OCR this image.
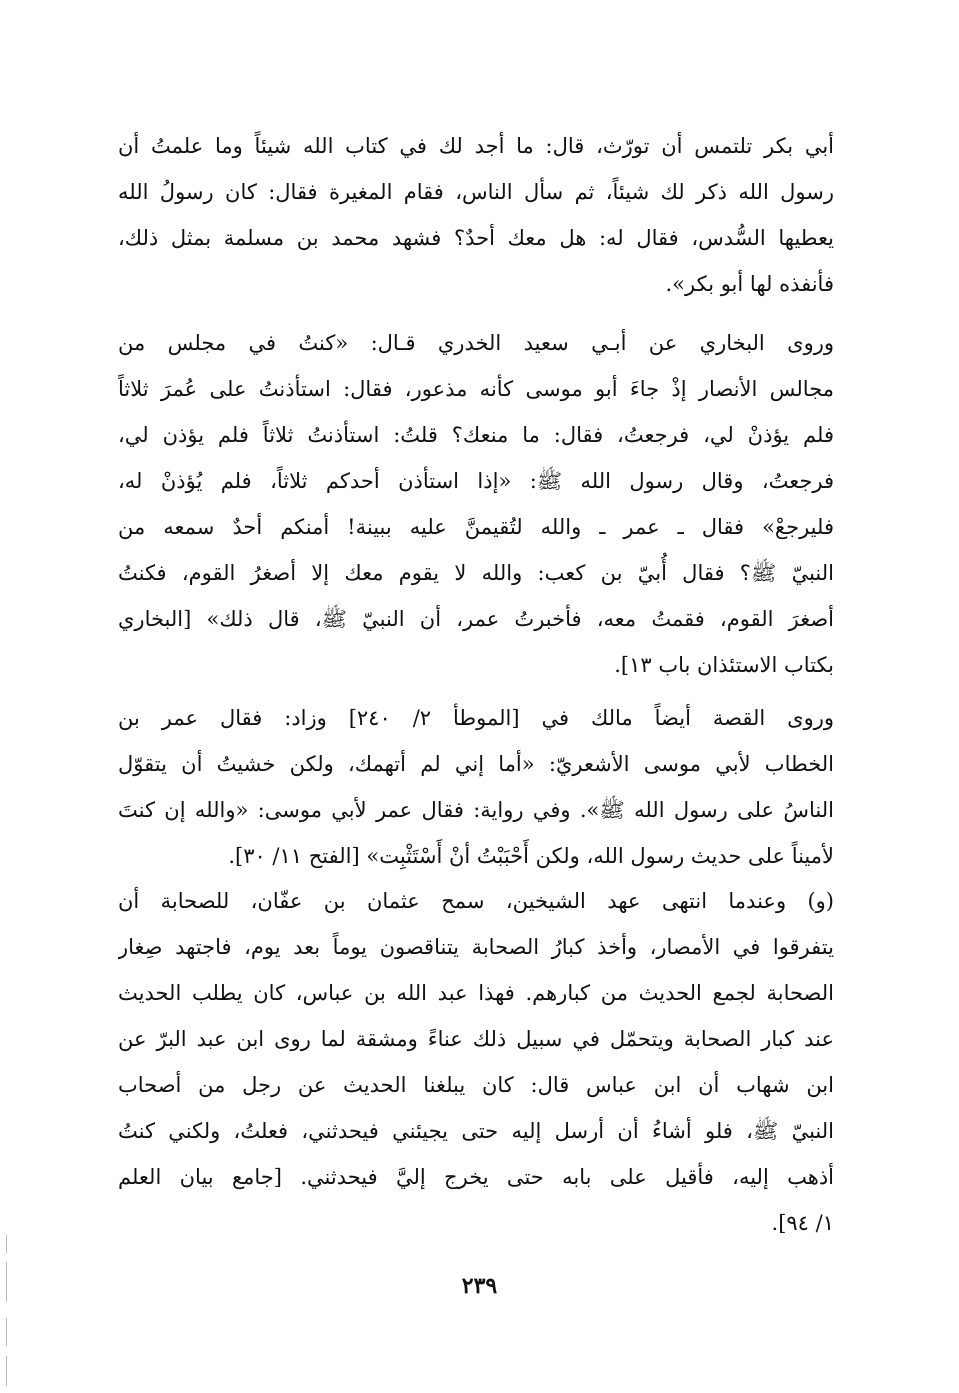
أبي بكر تلتمس أن تورّث، قال: ما أجد لك في كتاب الله شيئاً وما علمتُ أن
رسول الله ذكر لك شيئاً، ثم سأل الناس، فقام المغيرة فقال: كان رسولُ الله
يعطيها السُّدس، فقال له: هل معك أحدٌ؟ فشهد محمد بن مسلمة بمثل ذلك،
فأنفذه لها أبو بكر».
وروى البخاري عن أبـي سعيد الخدري قـال: «كنتُ في مجلس من
مجالس الأنصار إذْ جاءَ أبو موسى كأنه مذعور، فقال: استأذنتُ على عُمرَ ثلاثاً
فلم يؤذنْ لي، فرجعتُ، فقال: ما منعك؟ قلتُ: استأذنتُ ثلاثاً فلم يؤذن لي،
فرجعتُ، وقال رسول الله ﷺ: «إذا استأذن أحدكم ثلاثاً، فلم يُؤذنْ له،
فليرجعْ» فقال ـ عمر ـ والله لتُقيمنَّ عليه ببينة! أمنكم أحدٌ سمعه من
النبيّ ﷺ؟ فقال أُبيّ بن كعب: والله لا يقوم معك إلا أصغرُ القوم، فكنتُ
أصغرَ القوم، فقمتُ معه، فأخبرتُ عمر، أن النبيّ ﷺ، قال ذلك» [البخاري
بكتاب الاستئذان باب ١٣].
وروى القصة أيضاً مالك في [الموطأ ٢/ ٢٤٠] وزاد: فقال عمر بن
الخطاب لأبي موسى الأشعريّ: «أما إني لم أتهمك، ولكن خشيتُ أن يتقوّل
الناسُ على رسول الله ﷺ». وفي رواية: فقال عمر لأبي موسى: «والله إن كنتَ
لأميناً على حديث رسول الله، ولكن أَحْبَبْتُ أنْ أَسْتَثْبِت» [الفتح ١١/ ٣٠].
(و) وعندما انتهى عهد الشيخين، سمح عثمان بن عفّان، للصحابة أن
يتفرقوا في الأمصار، وأخذ كبارُ الصحابة يتناقصون يوماً بعد يوم، فاجتهد صِغار
الصحابة لجمع الحديث من كبارهم. فهذا عبد الله بن عباس، كان يطلب الحديث
عند كبار الصحابة ويتحمّل في سبيل ذلك عناءً ومشقة لما روى ابن عبد البرّ عن
ابن شهاب أن ابن عباس قال: كان يبلغنا الحديث عن رجل من أصحاب
النبيّ ﷺ، فلو أشاءُ أن أرسل إليه حتى يجيئني فيحدثني، فعلتُ، ولكني كنتُ
أذهب إليه، فأقيل على بابه حتى يخرج إليَّ فيحدثني. [جامع بيان العلم
١/ ٩٤].
٢٣٩
